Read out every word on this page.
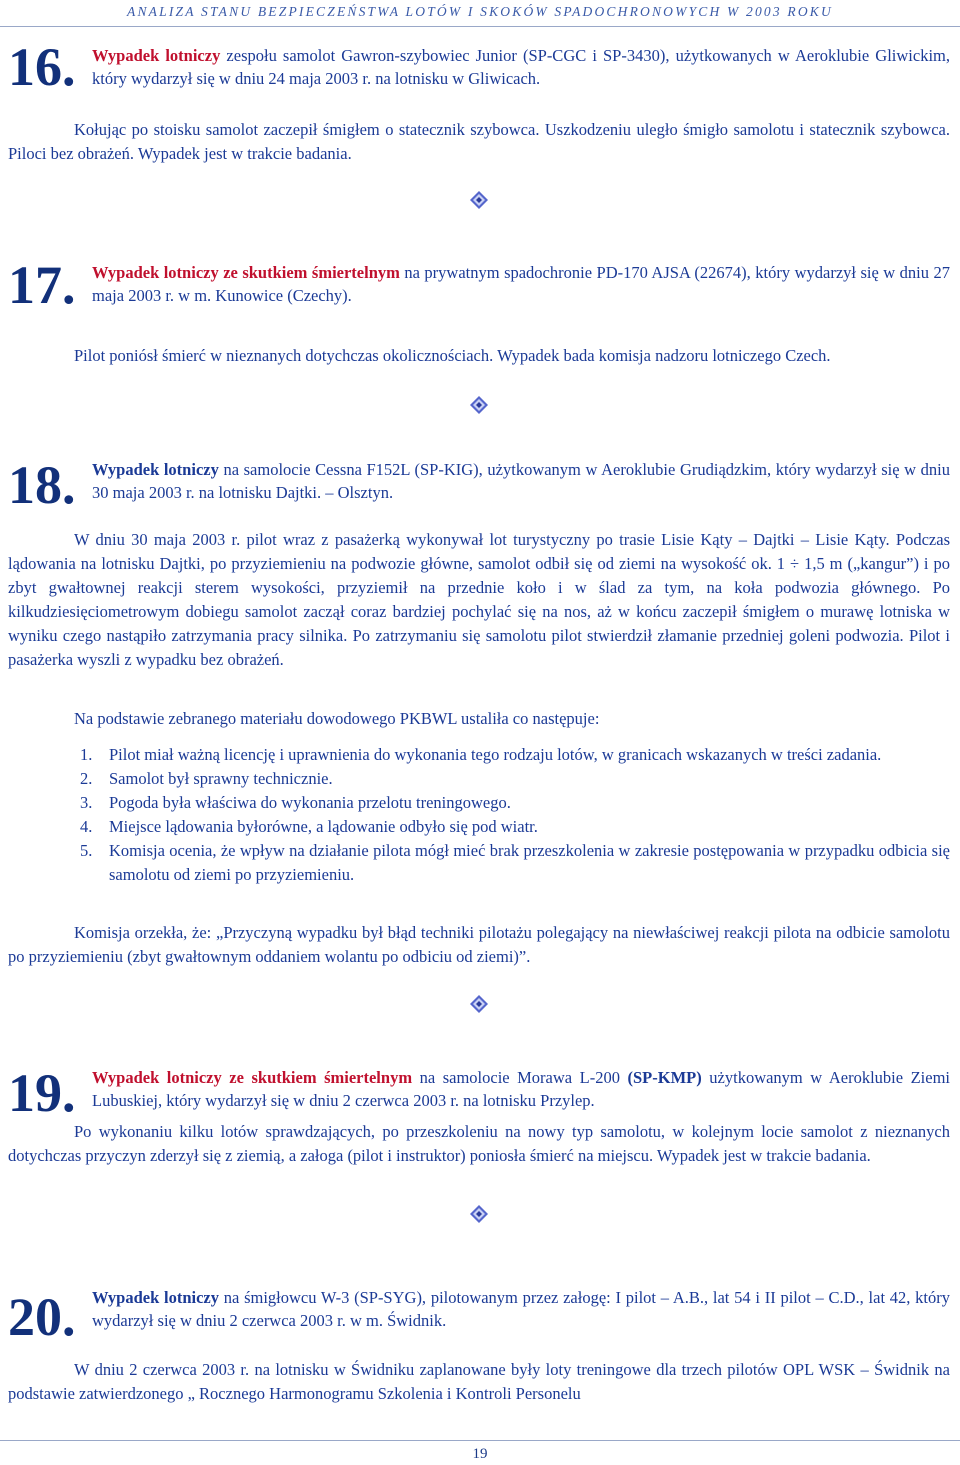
ANALIZA STANU BEZPIECZEŃSTWA LOTÓW I SKOKÓW SPADOCHRONOWYCH W 2003 ROKU
16. Wypadek lotniczy zespołu samolot Gawron-szybowiec Junior (SP-CGC i SP-3430), użytkowanych w Aeroklubie Gliwickim, który wydarzył się w dniu 24 maja 2003 r. na lotnisku w Gliwicach.
Kołując po stoisku samolot zaczepił śmigłem o statecznik szybowca. Uszkodzeniu uległo śmigło samolotu i statecznik szybowca. Piloci bez obrażeń. Wypadek jest w trakcie badania.
17. Wypadek lotniczy ze skutkiem śmiertelnym na prywatnym spadochronie PD-170 AJSA (22674), który wydarzył się w dniu 27 maja 2003 r. w m. Kunowice (Czechy).
Pilot poniósł śmierć w nieznanych dotychczas okolicznościach. Wypadek bada komisja nadzoru lotniczego Czech.
18. Wypadek lotniczy na samolocie Cessna F152L (SP-KIG), użytkowanym w Aeroklubie Grudiądzkim, który wydarzył się w dniu 30 maja 2003 r. na lotnisku Dajtki. – Olsztyn.
W dniu 30 maja 2003 r. pilot wraz z pasażerką wykonywał lot turystyczny po trasie Lisie Kąty – Dajtki – Lisie Kąty. Podczas lądowania na lotnisku Dajtki, po przyziemieniu na podwozie główne, samolot odbił się od ziemi na wysokość ok. 1 ÷ 1,5 m („kangur”) i po zbyt gwałtownej reakcji sterem wysokości, przyziemił na przednie koło i w ślad za tym, na koła podwozia głównego. Po kilkudziesięciometrowym dobiegu samolot zaczął coraz bardziej pochylać się na nos, aż w końcu zaczepił śmigłem o murawę lotniska w wyniku czego nastąpiło zatrzymania pracy silnika. Po zatrzymaniu się samolotu pilot stwierdził złamanie przedniej goleni podwozia. Pilot i pasażerka wyszli z wypadku bez obrażeń.
Na podstawie zebranego materiału dowodowego PKBWL ustaliła co następuje:
1. Pilot miał ważną licencję i uprawnienia do wykonania tego rodzaju lotów, w granicach wskazanych w treści zadania.
2. Samolot był sprawny technicznie.
3. Pogoda była właściwa do wykonania przelotu treningowego.
4. Miejsce lądowania byłorówne, a lądowanie odbyło się pod wiatr.
5. Komisja ocenia, że wpływ na działanie pilota mógł mieć brak przeszkolenia w zakresie postępowania w przypadku odbicia się samolotu od ziemi po przyziemieniu.
Komisja orzekła, że: „Przyczyną wypadku był błąd techniki pilotażu polegający na niewłaściwej reakcji pilota na odbicie samolotu po przyziemieniu (zbyt gwałtownym oddaniem wolantu po odbiciu od ziemi)”.
19. Wypadek lotniczy ze skutkiem śmiertelnym na samolocie Morawa L-200 (SP-KMP) użytkowanym w Aeroklubie Ziemi Lubuskiej, który wydarzył się w dniu 2 czerwca 2003 r. na lotnisku Przylep.
Po wykonaniu kilku lotów sprawdzających, po przeszkoleniu na nowy typ samolotu, w kolejnym locie samolot z nieznanych dotychczas przyczyn zderzył się z ziemią, a załoga (pilot i instruktor) poniosła śmierć na miejscu. Wypadek jest w trakcie badania.
20. Wypadek lotniczy na śmigłowcu W-3 (SP-SYG), pilotowanym przez załogę: I pilot – A.B., lat 54 i II pilot – C.D., lat 42, który wydarzył się w dniu 2 czerwca 2003 r. w m. Świdnik.
W dniu 2 czerwca 2003 r. na lotnisku w Świdniku zaplanowane były loty treningowe dla trzech pilotów OPL WSK – Świdnik na podstawie zatwierdzonego „ Rocznego Harmonogramu Szkolenia i Kontroli Personelu
19
